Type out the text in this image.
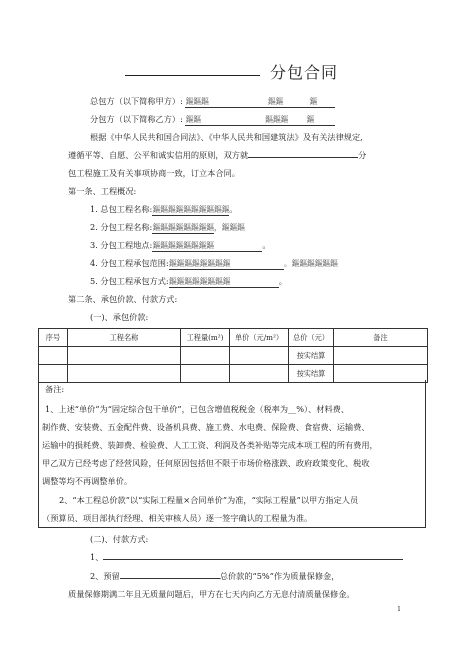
分包合同
总包方（以下简称甲方）: 鏂鏂鏂	鏂鏂	鏂
分包方（以下简称乙方）: 鏂鏂	鏂鏂鏂 鏂
根据《中华人民共和国合同法》、《中华人民共和国建筑法》及有关法律规定,
遵循平等、自愿、公平和诚实信用的原则，双方就	分
包工程施工及有关事项协商一致，订立本合同。
第一条、工程概况:
1. 总包工程名称:鏂鏂鏂鏂鏂鏂鏂鏂鏂鏂。
2. 分包工程名称:鏂鏂鏂鏂鏂鏂鏂鏂，鏂鏂鏂
3. 分包工程地点:鏂鏂鏂鏂鏂鏂鏂鏂	。
4. 分包工程承包范围:鏂鏂鏂鏂鏂鏂鏂鏂	。鏂鏂鏂鏂鏂鏂
5. 分包工程承包方式:鏂鏂鏂鏂鏂鏂鏂鏂	。
第二条、承包价款、付款方式:
(一)、承包价款:
序号	工程名称	工程量(m²)	单价（元/m²）	总价（元）	备注
				按实结算	
				按实结算	
备注:
1、上述“单价”为“固定综合包干单价”，已包含增值税税金（税率为__%）、材料费、
制作费、安装费、五金配件费、设备机具费、施工费、水电费、保险费、食宿费、运输费、
运输中的损耗费、装卸费、检验费、人工工资、利润及各类补贴等完成本项工程的所有费用，
甲乙双方已经考虑了经营风险，任何原因包括但不限于市场价格涨跌、政府政策变化、税收
调整等均不再调整单价。
2、“本工程总价款”以“实际工程量×合同单价”为准，“实际工程量”以甲方指定人员
（预算员、项目部执行经理、相关审核人员）逐一签字确认的工程量为准。
(二)、付款方式:
1、
2、预留	总价款的“5%”作为质量保修金，
质量保修期满二年且无质量问题后，甲方在七天内向乙方无息付清质量保修金。
1
